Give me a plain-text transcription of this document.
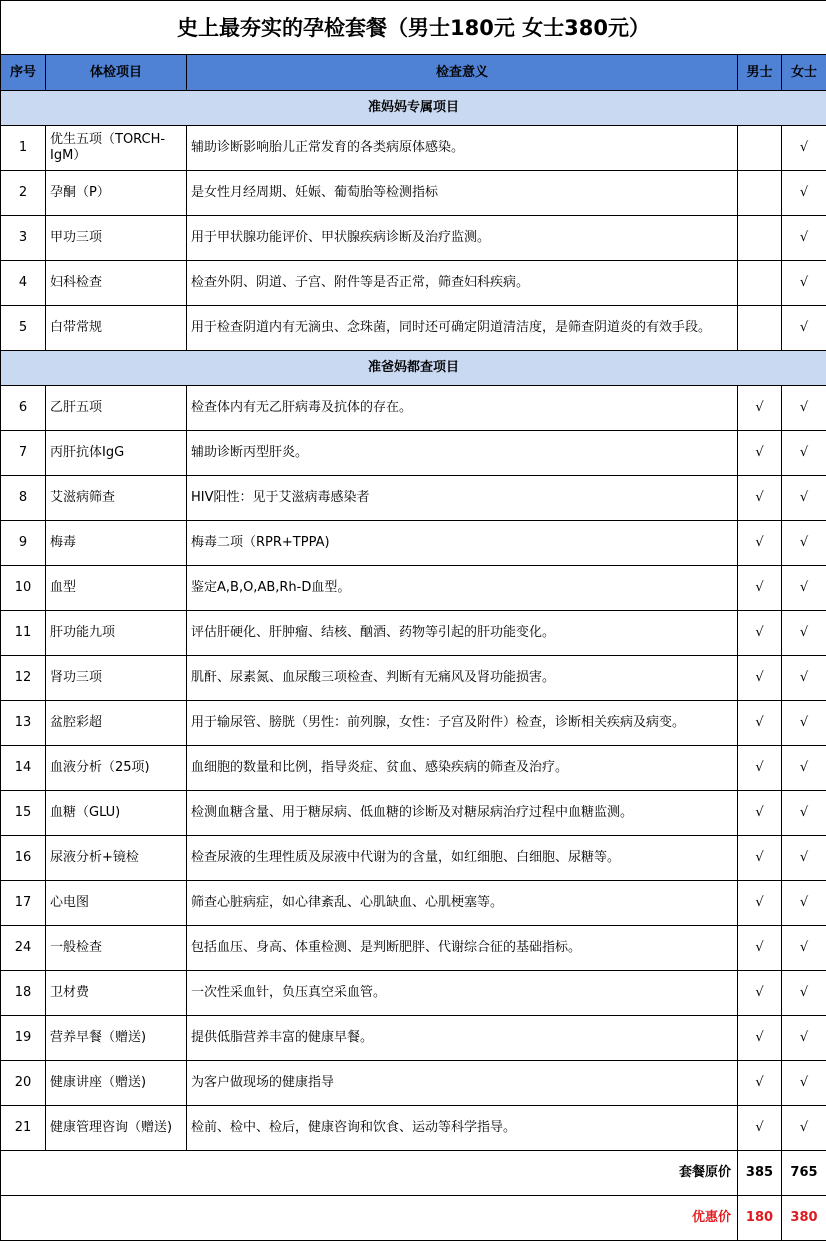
史上最夯实的孕检套餐（男士180元 女士380元）				
序号	体检项目	检查意义	男士	女士
准妈妈专属项目				
1	优生五项（TORCH-IgM）	辅助诊断影响胎儿正常发育的各类病原体感染。		√
2	孕酮（P）	是女性月经周期、妊娠、葡萄胎等检测指标		√
3	甲功三项	用于甲状腺功能评价、甲状腺疾病诊断及治疗监测。		√
4	妇科检查	检查外阴、阴道、子宫、附件等是否正常，筛查妇科疾病。		√
5	白带常规	用于检查阴道内有无滴虫、念珠菌，同时还可确定阴道清洁度，是筛查阴道炎的有效手段。		√
准爸妈都查项目				
6	乙肝五项	检查体内有无乙肝病毒及抗体的存在。	√	√
7	丙肝抗体IgG	辅助诊断丙型肝炎。	√	√
8	艾滋病筛查	HIV阳性：见于艾滋病毒感染者	√	√
9	梅毒	梅毒二项（RPR+TPPA)	√	√
10	血型	鉴定A,B,O,AB,Rh-D血型。	√	√
11	肝功能九项	评估肝硬化、肝肿瘤、结核、酗酒、药物等引起的肝功能变化。	√	√
12	肾功三项	肌酐、尿素氮、血尿酸三项检查、判断有无痛风及肾功能损害。	√	√
13	盆腔彩超	用于输尿管、膀胱（男性：前列腺，女性：子宫及附件）检查，诊断相关疾病及病变。	√	√
14	血液分析（25项)	血细胞的数量和比例，指导炎症、贫血、感染疾病的筛查及治疗。	√	√
15	血糖（GLU)	检测血糖含量、用于糖尿病、低血糖的诊断及对糖尿病治疗过程中血糖监测。	√	√
16	尿液分析+镜检	检查尿液的生理性质及尿液中代谢为的含量，如红细胞、白细胞、尿糖等。	√	√
17	心电图	筛查心脏病症，如心律紊乱、心肌缺血、心肌梗塞等。	√	√
24	一般检查	包括血压、身高、体重检测、是判断肥胖、代谢综合征的基础指标。	√	√
18	卫材费	一次性采血针，负压真空采血管。	√	√
19	营养早餐（赠送)	提供低脂营养丰富的健康早餐。	√	√
20	健康讲座（赠送)	为客户做现场的健康指导	√	√
21	健康管理咨询（赠送)	检前、检中、检后，健康咨询和饮食、运动等科学指导。	√	√
套餐原价			385	765
优惠价			180	380
